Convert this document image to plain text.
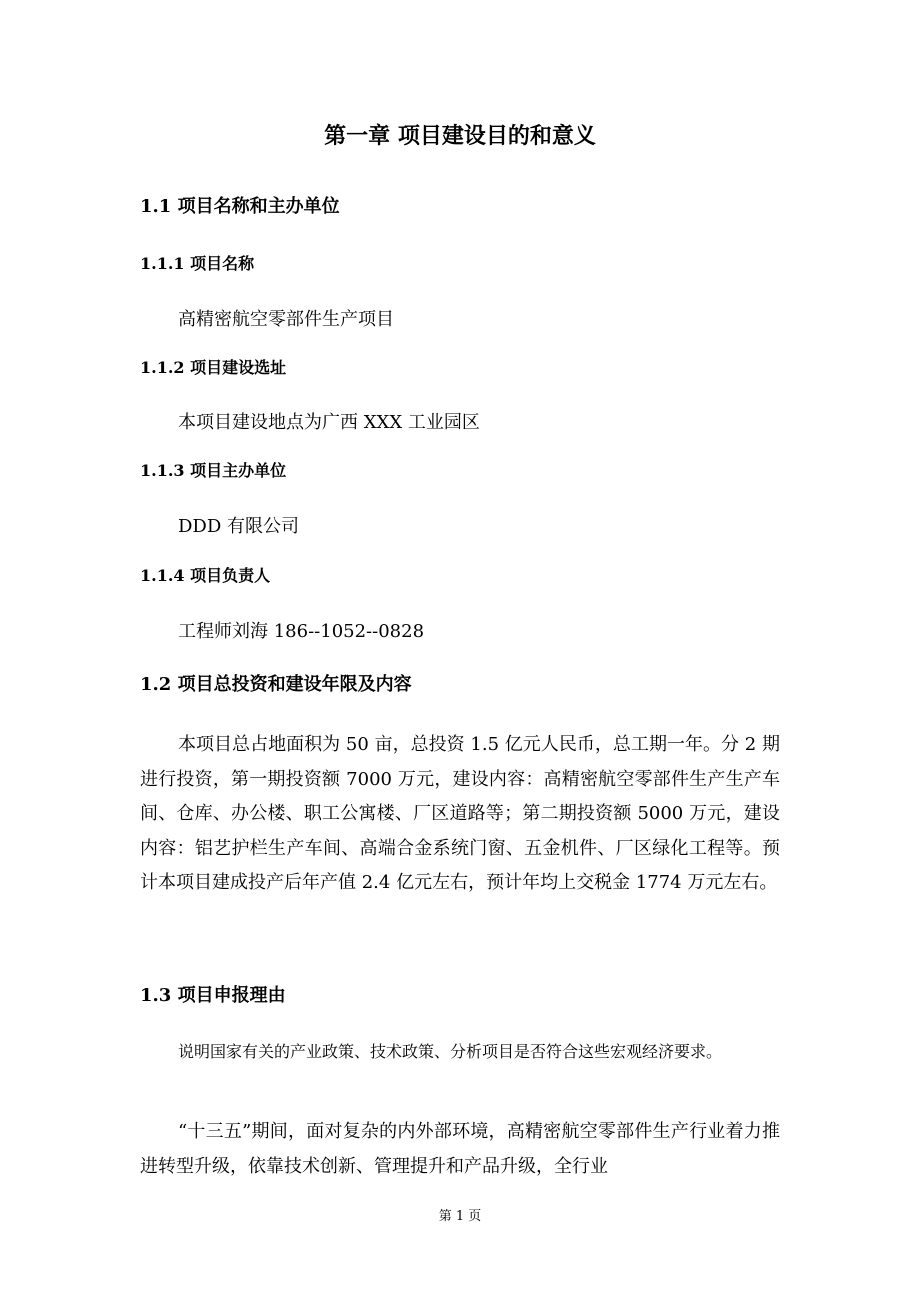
第一章 项目建设目的和意义
1.1 项目名称和主办单位
1.1.1 项目名称
高精密航空零部件生产项目
1.1.2 项目建设选址
本项目建设地点为广西 XXX 工业园区
1.1.3 项目主办单位
DDD 有限公司
1.1.4 项目负责人
工程师刘海 186--1052--0828
1.2 项目总投资和建设年限及内容

本项目总占地面积为 50 亩，总投资 1.5 亿元人民币，总工期一年。分 2 期进行投资，第一期投资额 7000 万元，建设内容：高精密航空零部件生产生产车间、仓库、办公楼、职工公寓楼、厂区道路等；第二期投资额 5000 万元，建设内容：铝艺护栏生产车间、高端合金系统门窗、五金机件、厂区绿化工程等。预计本项目建成投产后年产值 2.4 亿元左右，预计年均上交税金 1774 万元左右。

1.3 项目申报理由

说明国家有关的产业政策、技术政策、分析项目是否符合这些宏观经济要求。

“十三五”期间，面对复杂的内外部环境，高精密航空零部件生产行业着力推进转型升级，依靠技术创新、管理提升和产品升级，全行业

第 1 页
